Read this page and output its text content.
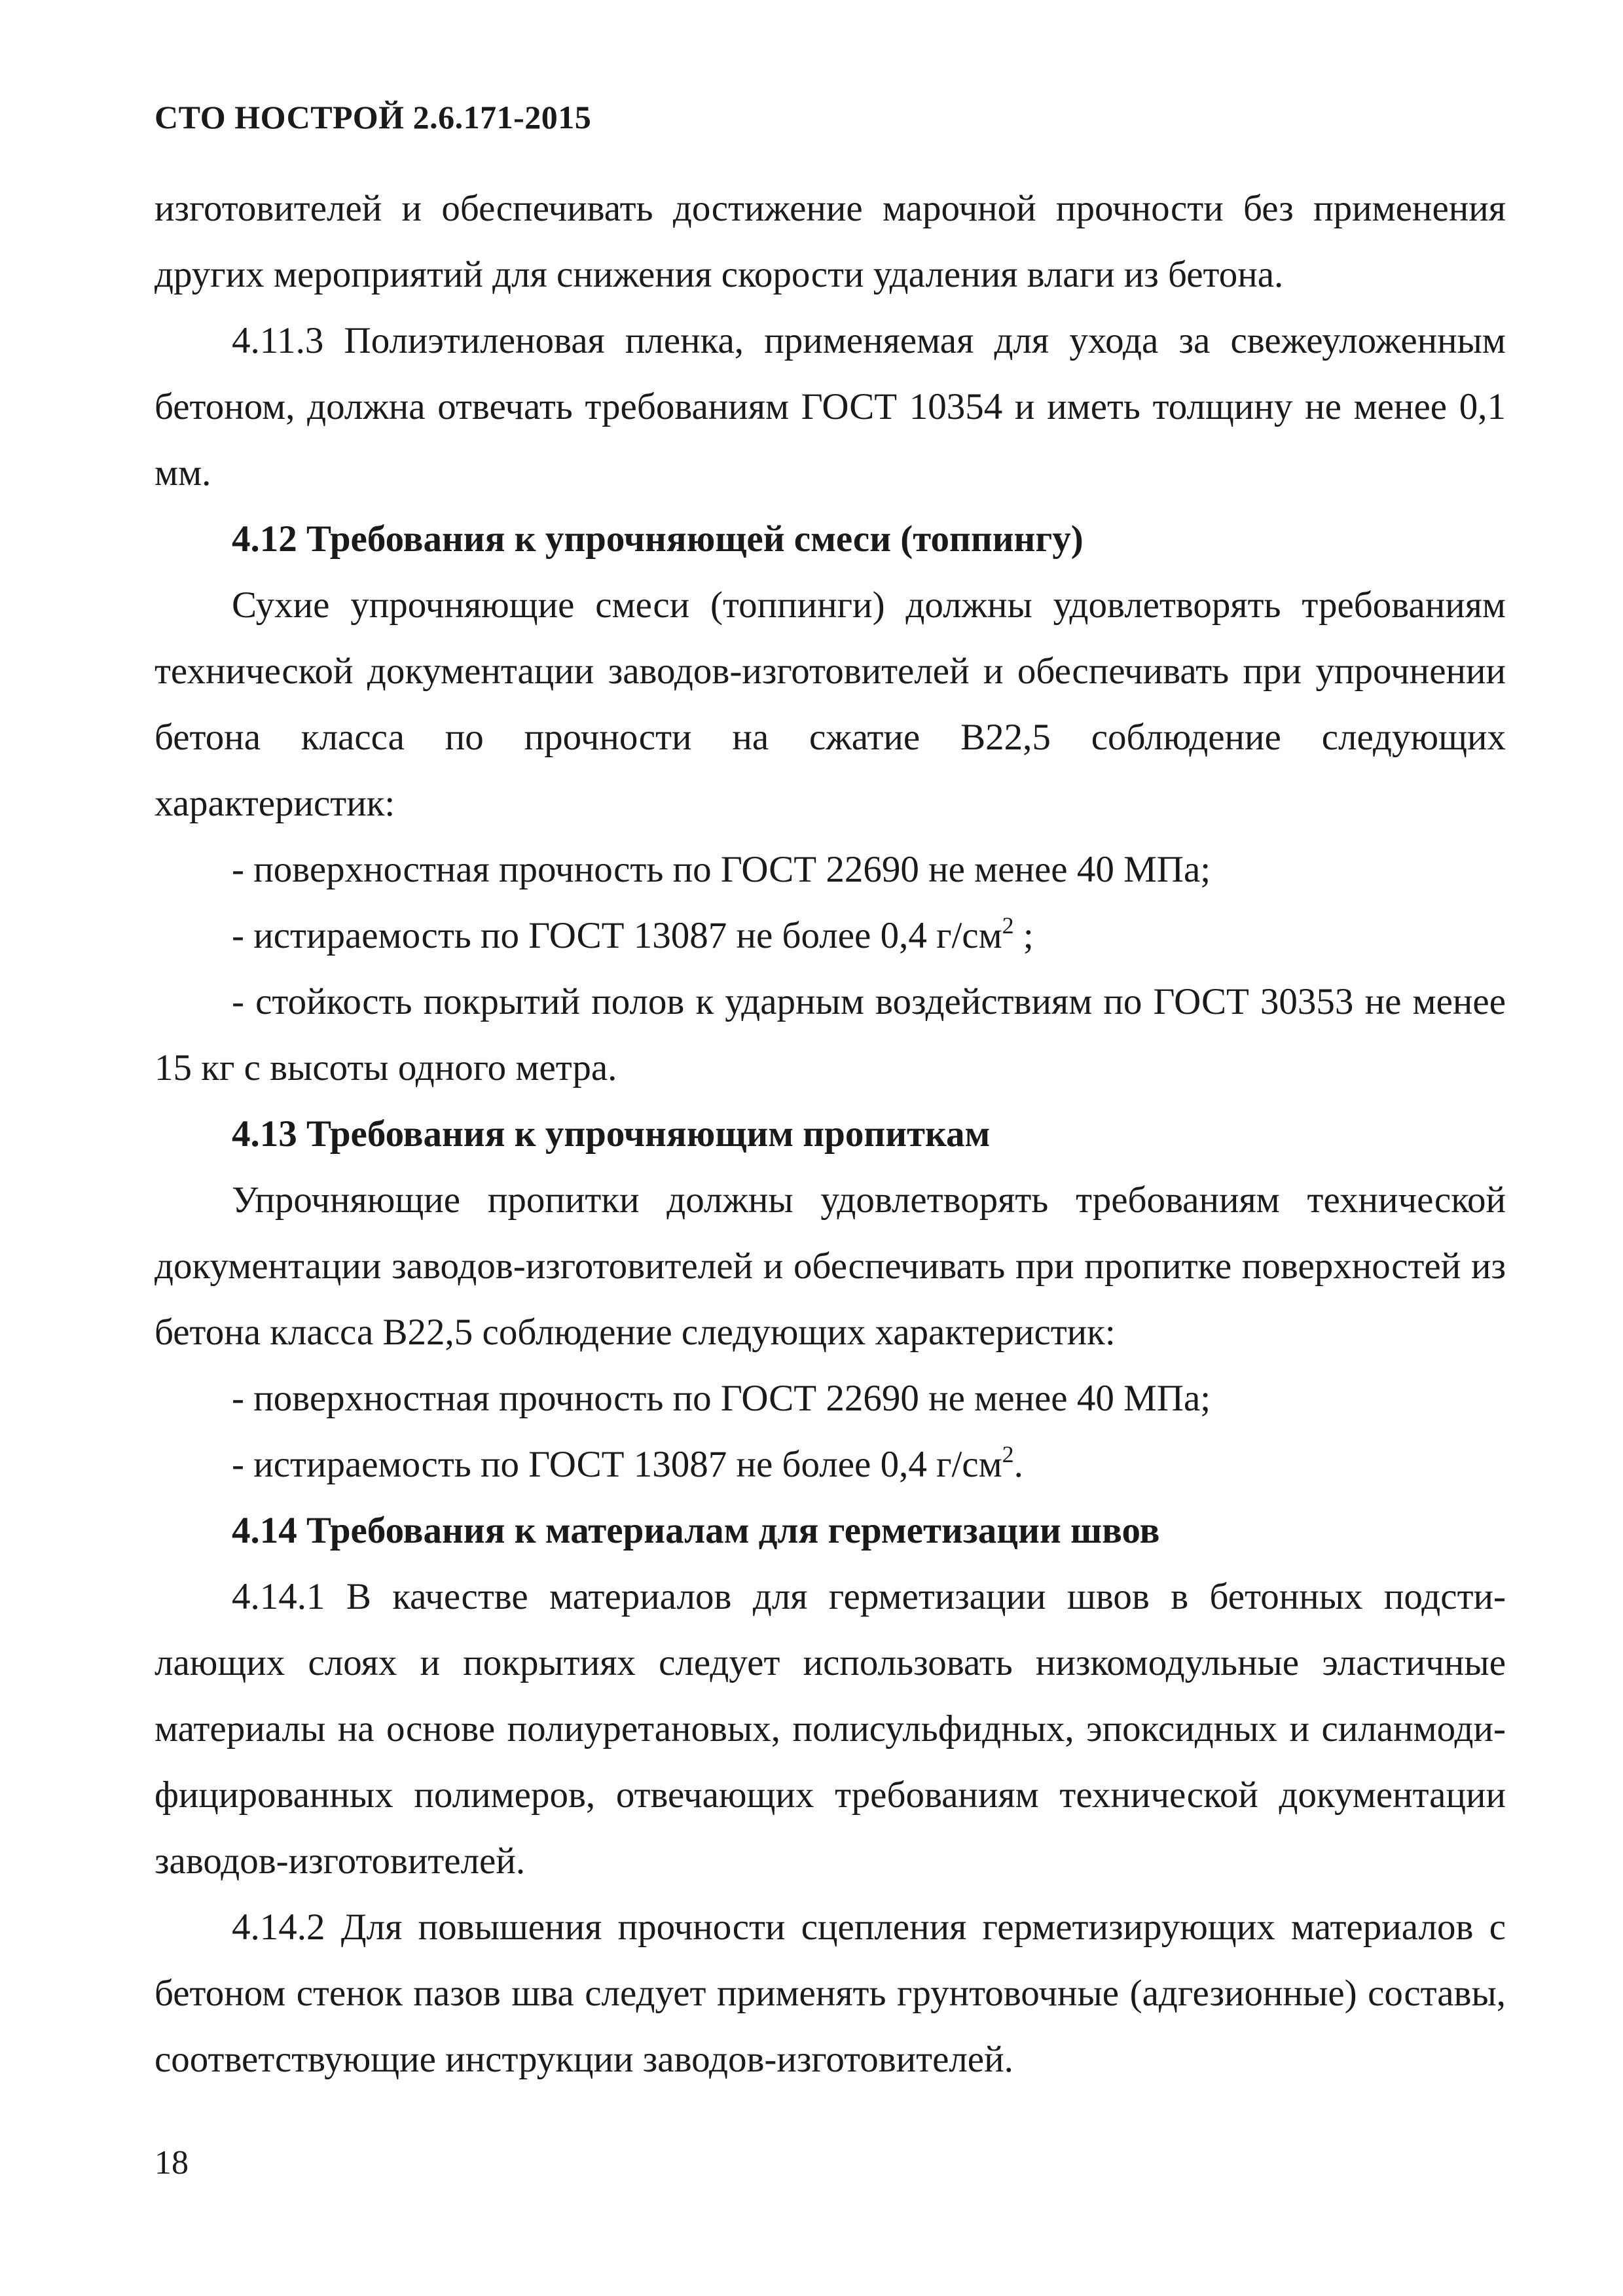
СТО НОСТРОЙ 2.6.171-2015

изготовителей и обеспечивать достижение марочной прочности без применения других мероприятий для снижения скорости удаления влаги из бетона.

4.11.3 Полиэтиленовая пленка, применяемая для ухода за свежеуложенным бетоном, должна отвечать требованиям ГОСТ 10354 и иметь толщину не менее 0,1 мм.

4.12 Требования к упрочняющей смеси (топпингу)

Сухие упрочняющие смеси (топпинги) должны удовлетворять требованиям технической документации заводов-изготовителей и обеспечивать при упрочнении бетона класса по прочности на сжатие В22,5 соблюдение следующих характеристик:

- поверхностная прочность по ГОСТ 22690 не менее 40 МПа;

- истираемость по ГОСТ 13087 не более 0,4 $г/см^2$ ;

- стойкость покрытий полов к ударным воздействиям по ГОСТ 30353 не менее 15 кг с высоты одного метра.

4.13 Требования к упрочняющим пропиткам

Упрочняющие пропитки должны удовлетворять требованиям технической документации заводов-изготовителей и обеспечивать при пропитке поверхностей из бетона класса В22,5 соблюдение следующих характеристик:

- поверхностная прочность по ГОСТ 22690 не менее 40 МПа;

- истираемость по ГОСТ 13087 не более 0,4 $г/см^2$.

4.14 Требования к материалам для герметизации швов

4.14.1 В качестве материалов для герметизации швов в бетонных подстилающих слоях и покрытиях следует использовать низкомодульные эластичные материалы на основе полиуретановых, полисульфидных, эпоксидных и силанмодифицированных полимеров, отвечающих требованиям технической документации заводов-изготовителей.

4.14.2 Для повышения прочности сцепления герметизирующих материалов с бетоном стенок пазов шва следует применять грунтовочные (адгезионные) составы, соответствующие инструкции заводов-изготовителей.

18
